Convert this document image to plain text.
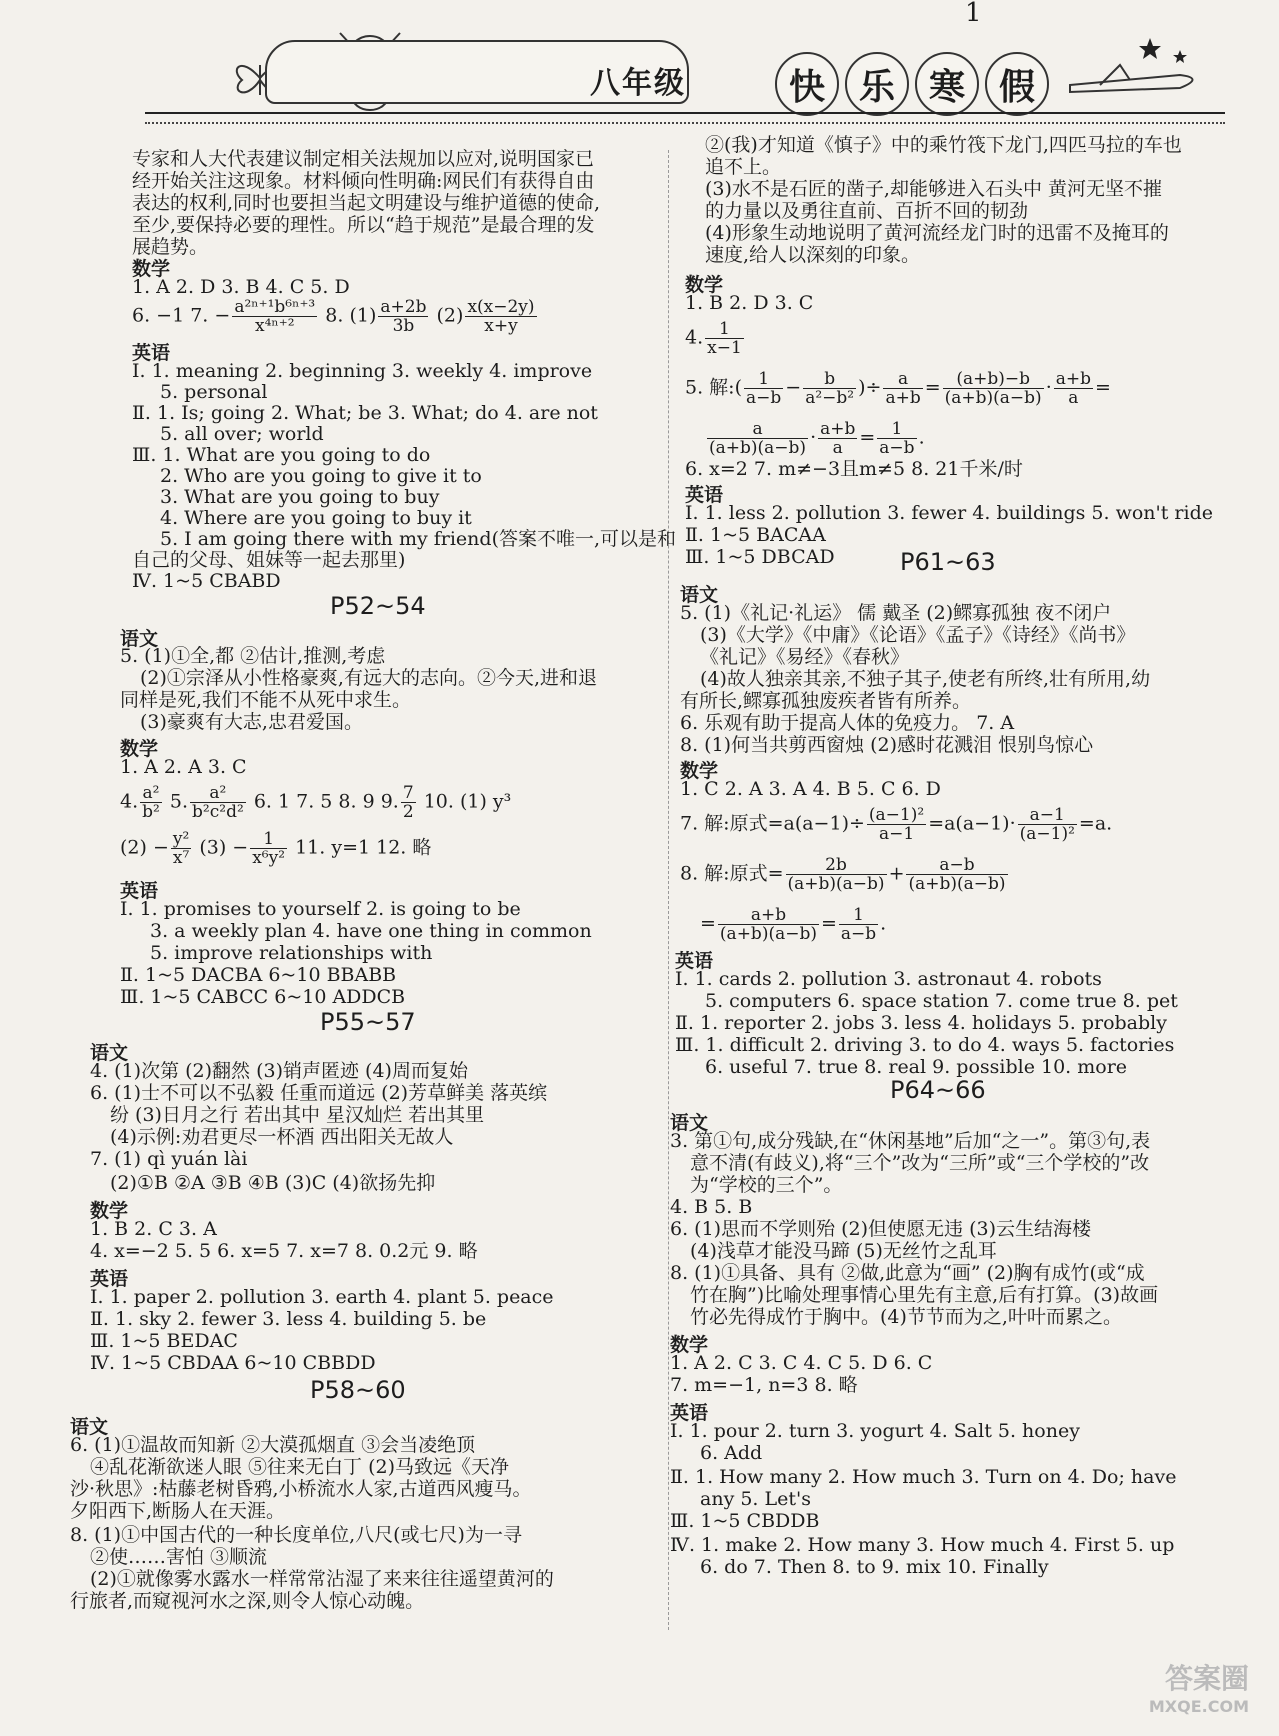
八年级	快 乐 寒 假
1
专家和人大代表建议制定相关法规加以应对,说明国家已
经开始关注这现象。材料倾向性明确:网民们有获得自由
表达的权利,同时也要担当起文明建设与维护道德的使命,
至少,要保持必要的理性。所以“趋于规范”是最合理的发
展趋势。
数学
1. A 2. D 3. B 4. C 5. D
6. −1 7. − $\frac{\text{a²ⁿ⁺¹b⁶ⁿ⁺³}}{\text{x⁴ⁿ⁺²}} 8$. $(1) \frac{a+2b}{3b} (2) \frac{x(x-2y)}{x+y}$
英语
Ⅰ. 1. meaning 2. beginning 3. weekly 4. improve
5. personal
Ⅱ. 1. Is; going 2. What; be 3. What; do 4. are not
5. all over; world
Ⅲ. 1. What are you going to do
2. Who are you going to give it to
3. What are you going to buy
4. Where are you going to buy it
5. I am going there with my friend(答案不唯一,可以是和
自己的父母、姐妹等一起去那里)
Ⅳ. 1~5 CBABD
P52~54
语文
5. (1)①全,都 ②估计,推测,考虑
(2)①宗泽从小性格豪爽,有远大的志向。②今天,进和退
同样是死,我们不能不从死中求生。
(3)豪爽有大志,忠君爱国。
数学
1. A 2. A 3. C
4. $\frac{\text{a²}}{\text{b²}} 5$. $\frac{\text{a²}}{\text{b²c²d²}} 6$. 1 7. 5 8. 9 9. $\frac{7}{2} 10$. (1) y³
$(2) - \frac{\text{y²}}{\text{x⁷}} (3) - \frac{1}{\text{x⁶y²}} 11$. y=1 12. 略
英语
Ⅰ. 1. promises to yourself 2. is going to be
3. a weekly plan 4. have one thing in common
5. improve relationships with
Ⅱ. 1~5 DACBA 6~10 BBABB
Ⅲ. 1~5 CABCC 6~10 ADDCB
P55~57
语文
4. (1)次第 (2)翻然 (3)销声匿迹 (4)周而复始
6. (1)士不可以不弘毅 任重而道远 (2)芳草鲜美 落英缤
纷 (3)日月之行 若出其中 星汉灿烂 若出其里
(4)示例:劝君更尽一杯酒 西出阳关无故人
7. (1) qì yuán lài
(2)①B ②A ③B ④B (3)C (4)欲扬先抑
数学
1. B 2. C 3. A
4. x=−2 5. 5 6. x=5 7. x=7 8. 0.2元 9. 略
英语
Ⅰ. 1. paper 2. pollution 3. earth 4. plant 5. peace
Ⅱ. 1. sky 2. fewer 3. less 4. building 5. be
Ⅲ. 1~5 BEDAC
Ⅳ. 1~5 CBDAA 6~10 CBBDD
P58~60
语文
6. (1)①温故而知新 ②大漠孤烟直 ③会当凌绝顶
④乱花渐欲迷人眼 ⑤往来无白丁 (2)马致远《天净
沙·秋思》:枯藤老树昏鸦,小桥流水人家,古道西风瘦马。
夕阳西下,断肠人在天涯。
8. (1)①中国古代的一种长度单位,八尺(或七尺)为一寻
②使……害怕 ③顺流
(2)①就像雾水露水一样常常沾湿了来来往往遥望黄河的
行旅者,而窥视河水之深,则令人惊心动魄。
②(我)才知道《慎子》中的乘竹筏下龙门,四匹马拉的车也
追不上。
(3)水不是石匠的凿子,却能够进入石头中 黄河无坚不摧
的力量以及勇往直前、百折不回的韧劲
(4)形象生动地说明了黄河流经龙门时的迅雷不及掩耳的
速度,给人以深刻的印象。
数学
1. B 2. D 3. C
4. $\frac{1}{x-1}$
5. 解:( $\frac{1}{a-b} - \frac{b}{\text{a²−b²}}$ )÷ $\frac{a}{a+b} = \frac{(a+b)-b}{(a+b)(a-b)} \cdot \frac{a+b}{a}$ =
$\frac{a}{(a+b)(a-b)} \cdot \frac{a+b}{a} = \frac{1}{a-b}$ .
6. x=2 7. m≠−3且m≠5 8. 21千米/时
英语
Ⅰ. 1. less 2. pollution 3. fewer 4. buildings 5. won't ride
Ⅱ. 1~5 BACAA
Ⅲ. 1~5 DBCAD	P61~63
语文
5. (1)《礼记·礼运》 儒 戴圣 (2)鳏寡孤独 夜不闭户
(3)《大学》《中庸》《论语》《孟子》《诗经》《尚书》
《礼记》《易经》《春秋》
(4)故人独亲其亲,不独子其子,使老有所终,壮有所用,幼
有所长,鳏寡孤独废疾者皆有所养。
6. 乐观有助于提高人体的免疫力。 7. A
8. (1)何当共剪西窗烛 (2)感时花溅泪 恨别鸟惊心
数学
1. C 2. A 3. A 4. B 5. C 6. D
7. 解:原式$=a(a-1)\div \frac{\text{(a−1)²}}{a-1} =a(a-1)\cdot \frac{a-1}{\text{(a−1)²}} =a$.
8. 解:原式= $\frac{2b}{(a+b)(a-b)} + \frac{a-b}{(a+b)(a-b)}$
= $\frac{a+b}{(a+b)(a-b)} = \frac{1}{a-b}$ .
英语
Ⅰ. 1. cards 2. pollution 3. astronaut 4. robots
5. computers 6. space station 7. come true 8. pet
Ⅱ. 1. reporter 2. jobs 3. less 4. holidays 5. probably
Ⅲ. 1. difficult 2. driving 3. to do 4. ways 5. factories
6. useful 7. true 8. real 9. possible 10. more
P64~66
语文
3. 第①句,成分残缺,在“休闲基地”后加“之一”。第③句,表
意不清(有歧义),将“三个”改为“三所”或“三个学校的”改
为“学校的三个”。
4. B 5. B
6. (1)思而不学则殆 (2)但使愿无违 (3)云生结海楼
(4)浅草才能没马蹄 (5)无丝竹之乱耳
8. (1)①具备、具有 ②做,此意为“画” (2)胸有成竹(或“成
竹在胸”)比喻处理事情心里先有主意,后有打算。(3)故画
竹必先得成竹于胸中。(4)节节而为之,叶叶而累之。
数学
1. A 2. C 3. C 4. C 5. D 6. C
7. m=−1, n=3 8. 略
英语
Ⅰ. 1. pour 2. turn 3. yogurt 4. Salt 5. honey
6. Add
Ⅱ. 1. How many 2. How much 3. Turn on 4. Do; have
any 5. Let's
Ⅲ. 1~5 CBDDB
Ⅳ. 1. make 2. How many 3. How much 4. First 5. up
6. do 7. Then 8. to 9. mix 10. Finally
答案圈
MXQE.COM
